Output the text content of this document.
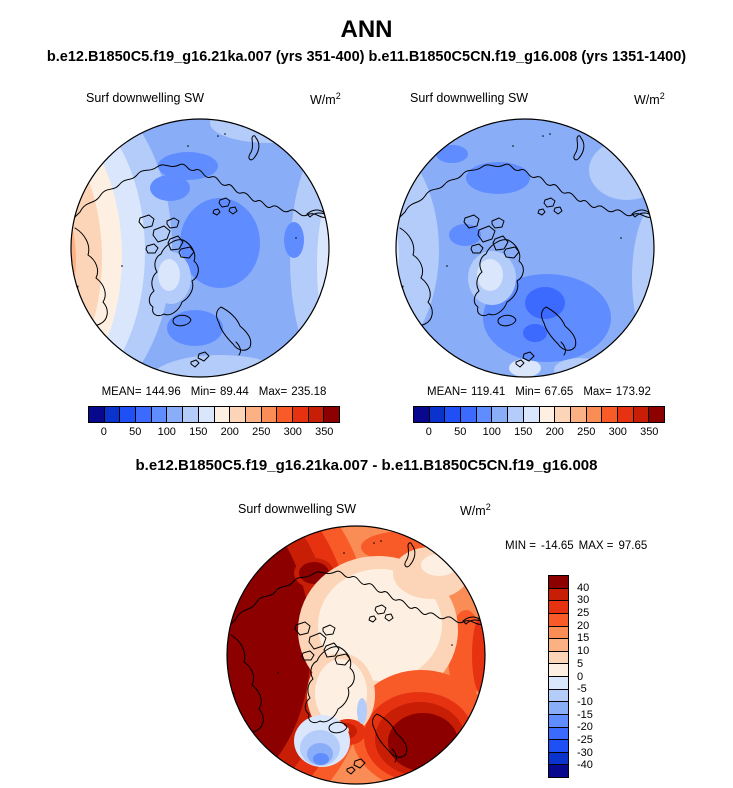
ANN
b.e12.B1850C5.f19_g16.21ka.007 (yrs 351-400) b.e11.B1850C5CN.f19_g16.008 (yrs 1351-1400)
Surf downwelling SW	$W/m^2$	Surf downwelling SW	$W/m^2$
MEAN= 144.96 Min= 89.44 Max= 235.18	MEAN= 119.41 Min= 67.65 Max= 173.92
0 50 100 150 200 250 300 350	0 50 100 150 200 250 300 350
b.e12.B1850C5.f19_g16.21ka.007 - b.e11.B1850C5CN.f19_g16.008
Surf downwelling SW	$W/m^2$
MIN = -14.65 MAX = 97.65
40
30
25
20
15
10
5
0
-5
-10
-15
-20
-25
-30
-40
